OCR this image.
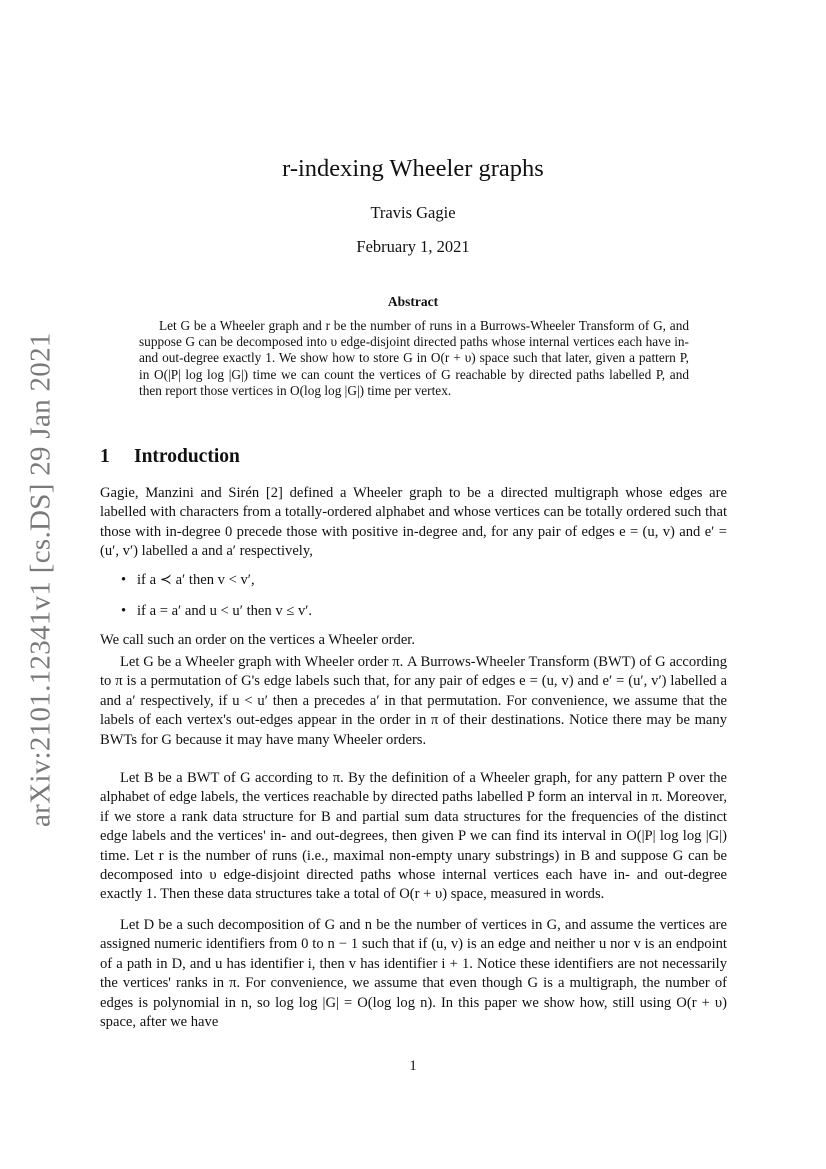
arXiv:2101.12341v1 [cs.DS] 29 Jan 2021
r-indexing Wheeler graphs
Travis Gagie
February 1, 2021
Abstract
Let G be a Wheeler graph and r be the number of runs in a Burrows-Wheeler Transform of G, and suppose G can be decomposed into υ edge-disjoint directed paths whose internal vertices each have in- and out-degree exactly 1. We show how to store G in O(r + υ) space such that later, given a pattern P, in O(|P| log log |G|) time we can count the vertices of G reachable by directed paths labelled P, and then report those vertices in O(log log |G|) time per vertex.
1 Introduction
Gagie, Manzini and Sirén [2] defined a Wheeler graph to be a directed multigraph whose edges are labelled with characters from a totally-ordered alphabet and whose vertices can be totally ordered such that those with in-degree 0 precede those with positive in-degree and, for any pair of edges e = (u, v) and e′ = (u′, v′) labelled a and a′ respectively,
• if a ≺ a′ then v < v′,
• if a = a′ and u < u′ then v ≤ v′.
We call such an order on the vertices a Wheeler order.
Let G be a Wheeler graph with Wheeler order π. A Burrows-Wheeler Transform (BWT) of G according to π is a permutation of G's edge labels such that, for any pair of edges e = (u, v) and e′ = (u′, v′) labelled a and a′ respectively, if u < u′ then a precedes a′ in that permutation. For convenience, we assume that the labels of each vertex's out-edges appear in the order in π of their destinations. Notice there may be many BWTs for G because it may have many Wheeler orders.
Let B be a BWT of G according to π. By the definition of a Wheeler graph, for any pattern P over the alphabet of edge labels, the vertices reachable by directed paths labelled P form an interval in π. Moreover, if we store a rank data structure for B and partial sum data structures for the frequencies of the distinct edge labels and the vertices' in- and out-degrees, then given P we can find its interval in O(|P| log log |G|) time. Let r is the number of runs (i.e., maximal non-empty unary substrings) in B and suppose G can be decomposed into υ edge-disjoint directed paths whose internal vertices each have in- and out-degree exactly 1. Then these data structures take a total of O(r + υ) space, measured in words.
Let D be a such decomposition of G and n be the number of vertices in G, and assume the vertices are assigned numeric identifiers from 0 to n − 1 such that if (u, v) is an edge and neither u nor v is an endpoint of a path in D, and u has identifier i, then v has identifier i + 1. Notice these identifiers are not necessarily the vertices' ranks in π. For convenience, we assume that even though G is a multigraph, the number of edges is polynomial in n, so log log |G| = O(log log n). In this paper we show how, still using O(r + υ) space, after we have
1
